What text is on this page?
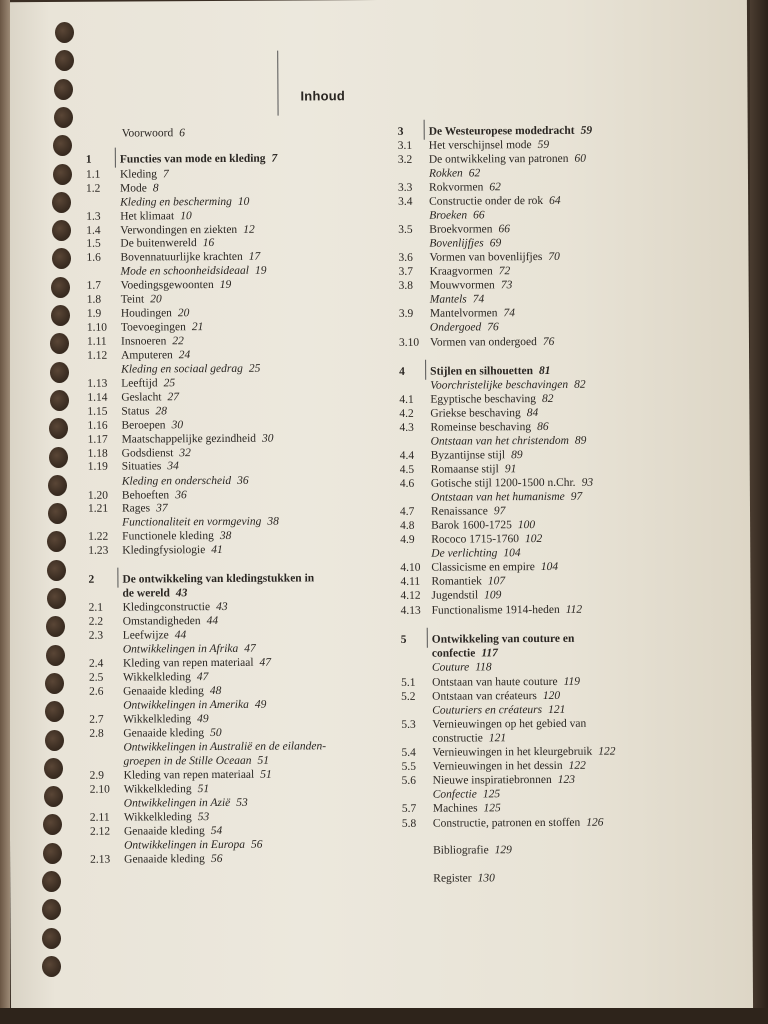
Inhoud
Voorwoord 6
1 Functies van mode en kleding 7
1.1 Kleding 7
1.2 Mode 8
Kleding en bescherming 10
1.3 Het klimaat 10
1.4 Verwondingen en ziekten 12
1.5 De buitenwereld 16
1.6 Bovennatuurlijke krachten 17
Mode en schoonheidsideaal 19
1.7 Voedingsgewoonten 19
1.8 Teint 20
1.9 Houdingen 20
1.10 Toevoegingen 21
1.11 Insnoeren 22
1.12 Amputeren 24
Kleding en sociaal gedrag 25
1.13 Leeftijd 25
1.14 Geslacht 27
1.15 Status 28
1.16 Beroepen 30
1.17 Maatschappelijke gezindheid 30
1.18 Godsdienst 32
1.19 Situaties 34
Kleding en onderscheid 36
1.20 Behoeften 36
1.21 Rages 37
Functionaliteit en vormgeving 38
1.22 Functionele kleding 38
1.23 Kledingfysiologie 41
2 De ontwikkeling van kledingstukken in
de wereld 43
2.1 Kledingconstructie 43
2.2 Omstandigheden 44
2.3 Leefwijze 44
Ontwikkelingen in Afrika 47
2.4 Kleding van repen materiaal 47
2.5 Wikkelkleding 47
2.6 Genaaide kleding 48
Ontwikkelingen in Amerika 49
2.7 Wikkelkleding 49
2.8 Genaaide kleding 50
Ontwikkelingen in Australië en de eilanden-
groepen in de Stille Oceaan 51
2.9 Kleding van repen materiaal 51
2.10 Wikkelkleding 51
Ontwikkelingen in Azië 53
2.11 Wikkelkleding 53
2.12 Genaaide kleding 54
Ontwikkelingen in Europa 56
2.13 Genaaide kleding 56
3 De Westeuropese modedracht 59
3.1 Het verschijnsel mode 59
3.2 De ontwikkeling van patronen 60
Rokken 62
3.3 Rokvormen 62
3.4 Constructie onder de rok 64
Broeken 66
3.5 Broekvormen 66
Bovenlijfjes 69
3.6 Vormen van bovenlijfjes 70
3.7 Kraagvormen 72
3.8 Mouwvormen 73
Mantels 74
3.9 Mantelvormen 74
Ondergoed 76
3.10 Vormen van ondergoed 76
4 Stijlen en silhouetten 81
Voorchristelijke beschavingen 82
4.1 Egyptische beschaving 82
4.2 Griekse beschaving 84
4.3 Romeinse beschaving 86
Ontstaan van het christendom 89
4.4 Byzantijnse stijl 89
4.5 Romaanse stijl 91
4.6 Gotische stijl 1200-1500 n.Chr. 93
Ontstaan van het humanisme 97
4.7 Renaissance 97
4.8 Barok 1600-1725 100
4.9 Rococo 1715-1760 102
De verlichting 104
4.10 Classicisme en empire 104
4.11 Romantiek 107
4.12 Jugendstil 109
4.13 Functionalisme 1914-heden 112
5 Ontwikkeling van couture en
confectie 117
Couture 118
5.1 Ontstaan van haute couture 119
5.2 Ontstaan van créateurs 120
Couturiers en créateurs 121
5.3 Vernieuwingen op het gebied van
constructie 121
5.4 Vernieuwingen in het kleurgebruik 122
5.5 Vernieuwingen in het dessin 122
5.6 Nieuwe inspiratiebronnen 123
Confectie 125
5.7 Machines 125
5.8 Constructie, patronen en stoffen 126
Bibliografie 129
Register 130
